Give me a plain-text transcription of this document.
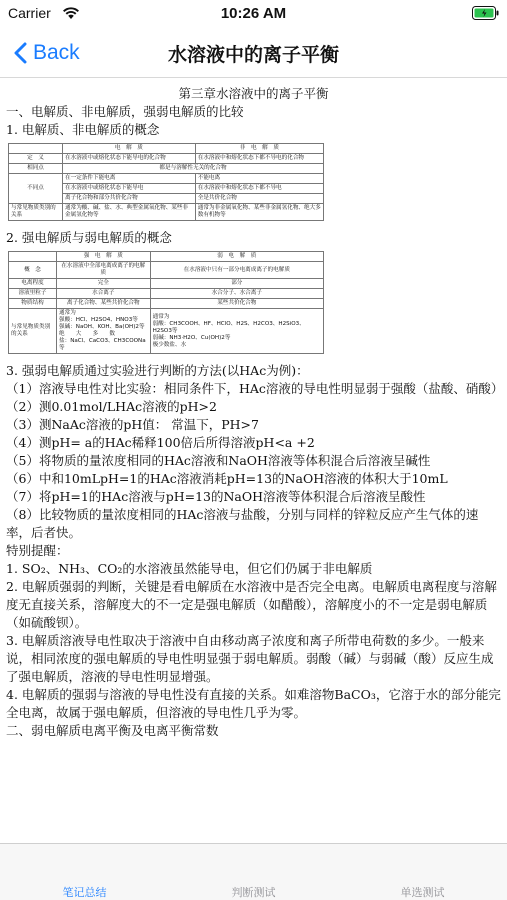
Carrier	10:26 AM
Back	水溶液中的离子平衡
第三章水溶液中的离子平衡
一、电解质、非电解质，强弱电解质的比较
1. 电解质、非电解质的概念
	电　解　质	非　电　解　质
定　义	在水溶液中或熔化状态下能导电的化合物	在水溶液中和熔化状态下都不导电的化合物
相同点	都是与溶解性无关的化合物	
不同点	在一定条件下能电离	不能电离
	在水溶液中或熔化状态下能导电	在水溶液中和熔化状态下都不导电
	离子化合物和部分共价化合物	全是共价化合物
与常见物质类别的关系	通常为酸、碱、盐、水、典型金属氧化物、某些非金属氢化物等	通常为非金属氧化物、某些非金属氢化物、绝大多数有机物等
2. 强电解质与弱电解质的概念
	强　电　解　质	弱　电　解　质
概　念	在水溶液中全部电离成离子的电解质	在水溶液中只有一部分电离成离子的电解质
电离程度	完全	部分
溶液里粒子	水合离子	水合分子、水合离子
物质结构	离子化合物、某些共价化合物	某些共价化合物
与常见物质类别的关系	通常为
强酸：HCl、H2SO4、HNO3等
强碱：NaOH、KOH、Ba(OH)2等
绝　　大　　多　　数
盐：NaCl、CaCO3、CH3COONa等	通常为
弱酸：CH3COOH、HF、HClO、H2S、H2CO3、H2SiO3、H2SO3等
弱碱：NH3·H2O、Cu(OH)2等
极少数盐、水
3. 强弱电解质通过实验进行判断的方法(以HAc为例)：
（1）溶液导电性对比实验：相同条件下，HAc溶液的导电性明显弱于强酸（盐酸、硝酸）
（2）测0.01mol/LHAc溶液的pH>2
（3）测NaAc溶液的pH值： 常温下，PH>7
（4）测pH= a的HAc稀释100倍后所得溶液pH<a +2
（5）将物质的量浓度相同的HAc溶液和NaOH溶液等体积混合后溶液呈碱性
（6）中和10mLpH=1的HAc溶液消耗pH=13的NaOH溶液的体积大于10mL
（7）将pH=1的HAc溶液与pH=13的NaOH溶液等体积混合后溶液呈酸性
（8）比较物质的量浓度相同的HAc溶液与盐酸，分别与同样的锌粒反应产生气体的速率，后者快。
特别提醒：
1. SO₂、NH₃、CO₂的水溶液虽然能导电，但它们仍属于非电解质
2. 电解质强弱的判断，关键是看电解质在水溶液中是否完全电离。电解质电离程度与溶解度无直接关系，溶解度大的不一定是强电解质（如醋酸），溶解度小的不一定是弱电解质（如硫酸钡）。
3. 电解质溶液导电性取决于溶液中自由移动离子浓度和离子所带电荷数的多少。一般来说，相同浓度的强电解质的导电性明显强于弱电解质。弱酸（碱）与弱碱（酸）反应生成了强电解质，溶液的导电性明显增强。
4. 电解质的强弱与溶液的导电性没有直接的关系。如难溶物BaCO₃，它溶于水的部分能完全电离，故属于强电解质，但溶液的导电性几乎为零。
二、弱电解质电离平衡及电离平衡常数
笔记总结	判断测试	单选测试
